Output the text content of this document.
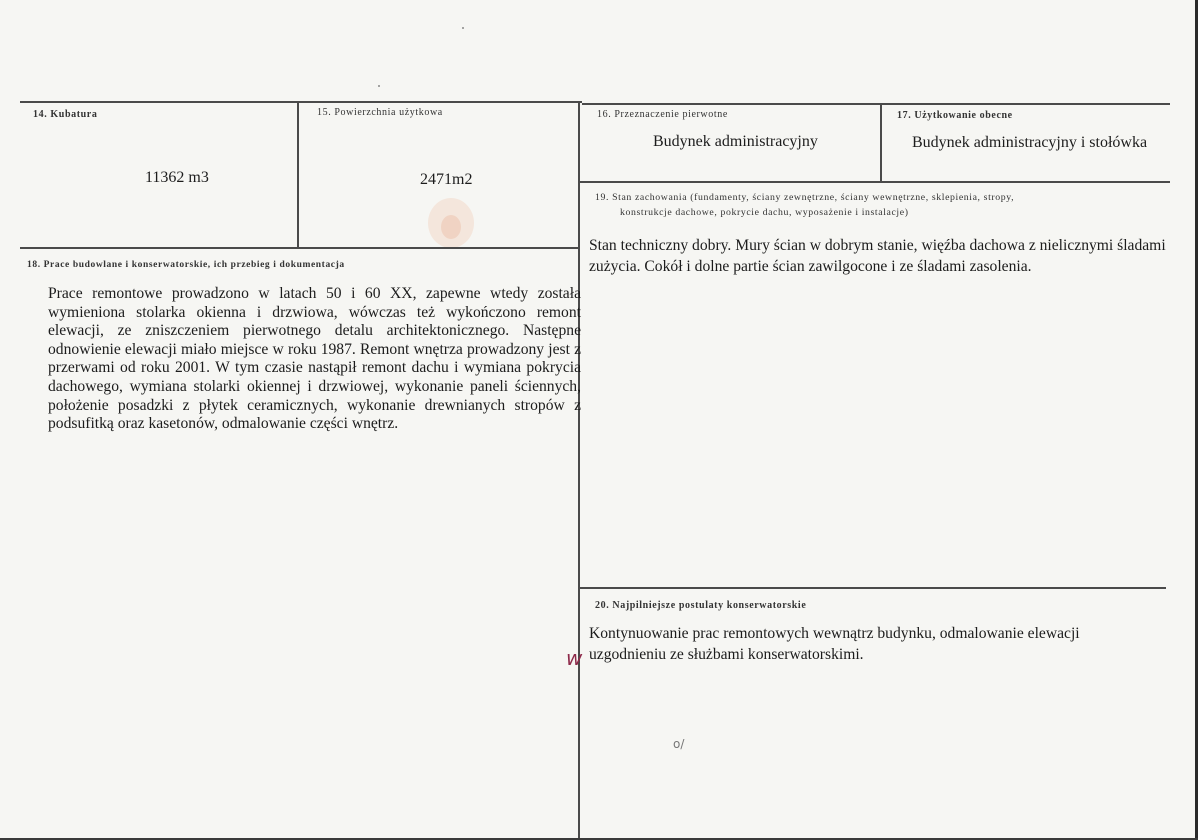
14. Kubatura
11362 m3
15. Powierzchnia użytkowa
2471m2
16. Przeznaczenie pierwotne
Budynek administracyjny
17. Użytkowanie obecne
Budynek administracyjny i stołówka
18. Prace budowlane i konserwatorskie, ich przebieg i dokumentacja
Prace remontowe prowadzono w latach 50 i 60 XX, zapewne wtedy została wymieniona stolarka okienna i drzwiowa, wówczas też wykończono remont elewacji, ze zniszczeniem pierwotnego detalu architektonicznego. Następne odnowienie elewacji miało miejsce w roku 1987. Remont wnętrza prowadzony jest z przerwami od roku 2001. W tym czasie nastąpił remont dachu i wymiana pokrycia dachowego, wymiana stolarki okiennej i drzwiowej, wykonanie paneli ściennych, położenie posadzki z płytek ceramicznych, wykonanie drewnianych stropów z podsufitką oraz kasetonów, odmalowanie części wnętrz.
19. Stan zachowania (fundamenty, ściany zewnętrzne, ściany wewnętrzne, sklepienia, stropy,
konstrukcje dachowe, pokrycie dachu, wyposażenie i instalacje)
Stan techniczny dobry. Mury ścian w dobrym stanie, więźba dachowa z nielicznymi śladami zużycia. Cokół i dolne partie ścian zawilgocone i ze śladami zasolenia.
20. Najpilniejsze postulaty konserwatorskie
Kontynuowanie prac remontowych wewnątrz budynku, odmalowanie elewacji
uzgodnieniu ze służbami konserwatorskimi.
w
o/
